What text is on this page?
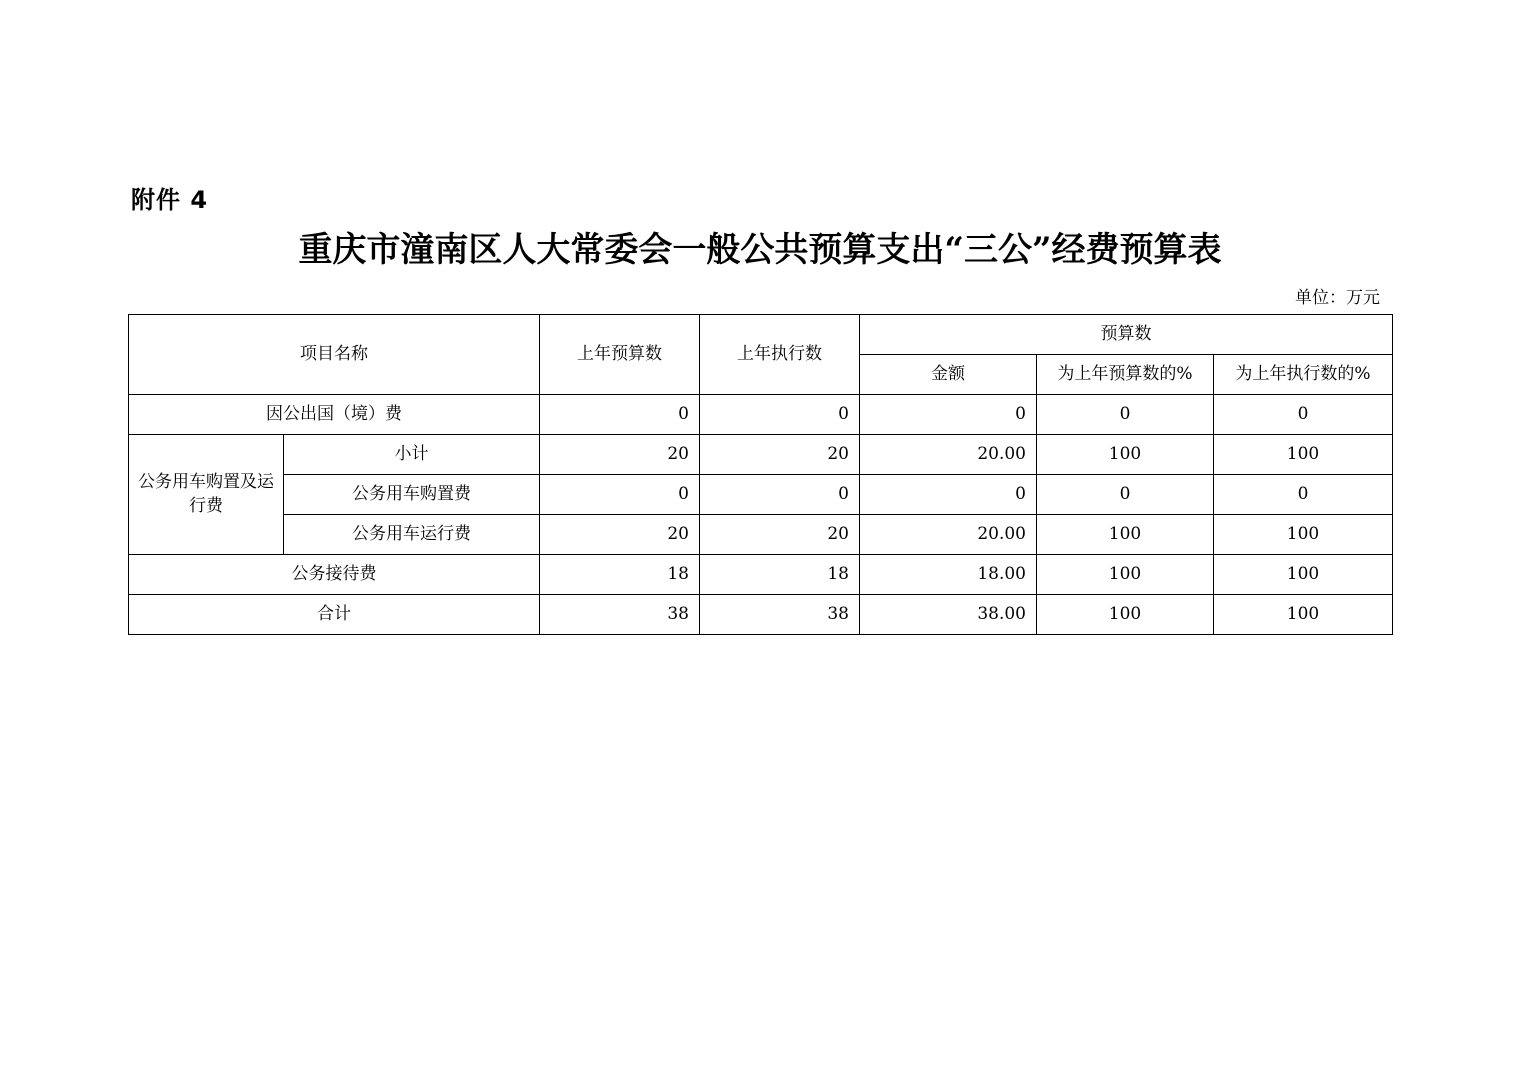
附件 4
重庆市潼南区人大常委会一般公共预算支出“三公”经费预算表
单位：万元
项目名称		上年预算数	上年执行数	预算数		
				金额	为上年预算数的%	为上年执行数的%
因公出国（境）费		0	0	0	0	0
公务用车购置及运行费	小计	20	20	20.00	100	100
	公务用车购置费	0	0	0	0	0
	公务用车运行费	20	20	20.00	100	100
公务接待费		18	18	18.00	100	100
合计		38	38	38.00	100	100
